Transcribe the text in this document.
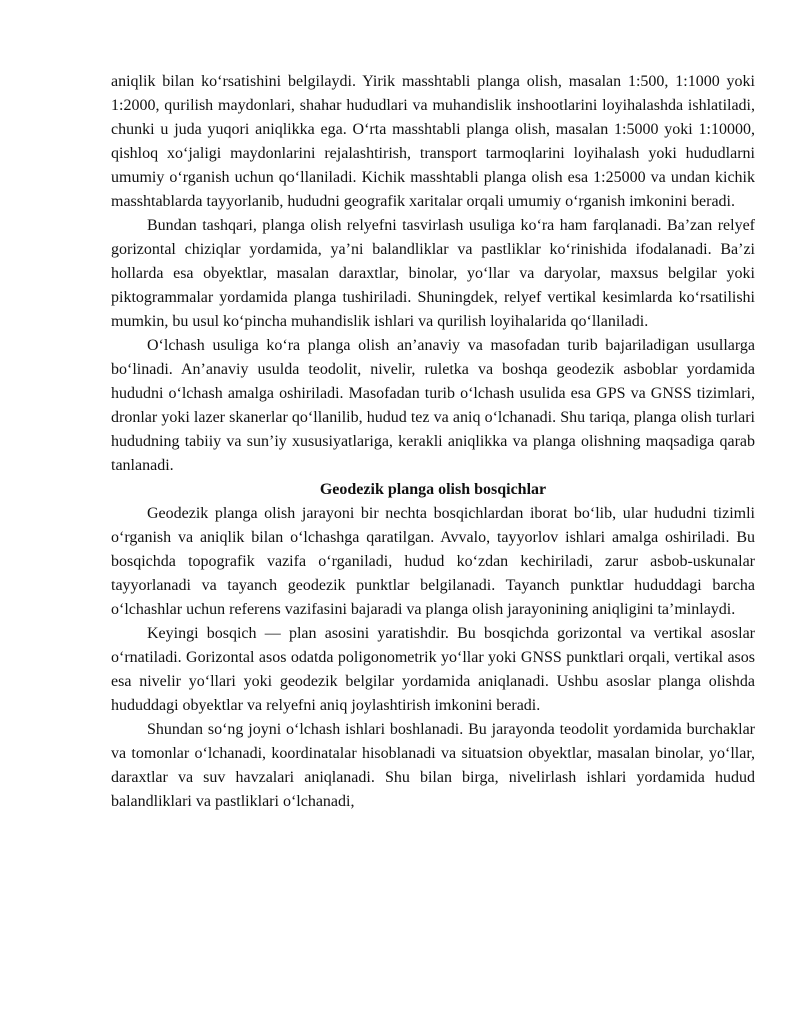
aniqlik bilan koʻrsatishini belgilaydi. Yirik masshtabli planga olish, masalan 1:500, 1:1000 yoki 1:2000, qurilish maydonlari, shahar hududlari va muhandislik inshootlarini loyihalashda ishlatiladi, chunki u juda yuqori aniqlikka ega. Oʻrta masshtabli planga olish, masalan 1:5000 yoki 1:10000, qishloq xoʻjaligi maydonlarini rejalashtirish, transport tarmoqlarini loyihalash yoki hududlarni umumiy oʻrganish uchun qoʻllaniladi. Kichik masshtabli planga olish esa 1:25000 va undan kichik masshtablarda tayyorlanib, hududni geografik xaritalar orqali umumiy oʻrganish imkonini beradi.

Bundan tashqari, planga olish relyefni tasvirlash usuliga koʻra ham farqlanadi. Baʼzan relyef gorizontal chiziqlar yordamida, yaʼni balandliklar va pastliklar koʻrinishida ifodalanadi. Baʼzi hollarda esa obyektlar, masalan daraxtlar, binolar, yoʻllar va daryolar, maxsus belgilar yoki piktogrammalar yordamida planga tushiriladi. Shuningdek, relyef vertikal kesimlarda koʻrsatilishi mumkin, bu usul koʻpincha muhandislik ishlari va qurilish loyihalarida qoʻllaniladi.

Oʻlchash usuliga koʻra planga olish anʼanaviy va masofadan turib bajariladigan usullarga boʻlinadi. Anʼanaviy usulda teodolit, nivelir, ruletka va boshqa geodezik asboblar yordamida hududni oʻlchash amalga oshiriladi. Masofadan turib oʻlchash usulida esa GPS va GNSS tizimlari, dronlar yoki lazer skanerlar qoʻllanilib, hudud tez va aniq oʻlchanadi. Shu tariqa, planga olish turlari hududning tabiiy va sunʼiy xususiyatlariga, kerakli aniqlikka va planga olishning maqsadiga qarab tanlanadi.

Geodezik planga olish bosqichlar

Geodezik planga olish jarayoni bir nechta bosqichlardan iborat boʻlib, ular hududni tizimli oʻrganish va aniqlik bilan oʻlchashga qaratilgan. Avvalo, tayyorlov ishlari amalga oshiriladi. Bu bosqichda topografik vazifa oʻrganiladi, hudud koʻzdan kechiriladi, zarur asbob-uskunalar tayyorlanadi va tayanch geodezik punktlar belgilanadi. Tayanch punktlar hududdagi barcha oʻlchashlar uchun referens vazifasini bajaradi va planga olish jarayonining aniqligini taʼminlaydi.

Keyingi bosqich — plan asosini yaratishdir. Bu bosqichda gorizontal va vertikal asoslar oʻrnatiladi. Gorizontal asos odatda poligonometrik yoʻllar yoki GNSS punktlari orqali, vertikal asos esa nivelir yoʻllari yoki geodezik belgilar yordamida aniqlanadi. Ushbu asoslar planga olishda hududdagi obyektlar va relyefni aniq joylashtirish imkonini beradi.

Shundan soʻng joyni oʻlchash ishlari boshlanadi. Bu jarayonda teodolit yordamida burchaklar va tomonlar oʻlchanadi, koordinatalar hisoblanadi va situatsion obyektlar, masalan binolar, yoʻllar, daraxtlar va suv havzalari aniqlanadi. Shu bilan birga, nivelirlash ishlari yordamida hudud balandliklari va pastliklari oʻlchanadi,
